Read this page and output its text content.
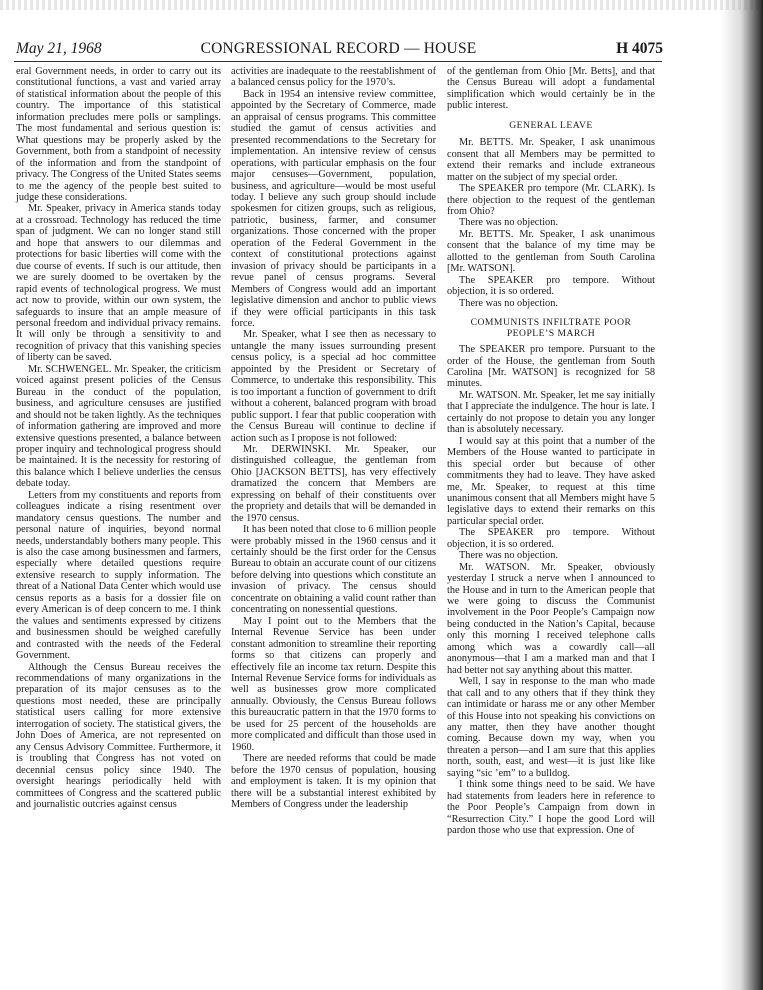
May 21, 1968	CONGRESSIONAL RECORD — HOUSE	H 4075

eral Government needs, in order to carry out its constitutional functions, a vast and varied array of statistical information about the people of this country. The importance of this statistical information precludes mere polls or samplings. The most fundamental and serious question is: What questions may be properly asked by the Government, both from a standpoint of necessity of the information and from the standpoint of privacy. The Congress of the United States seems to me the agency of the people best suited to judge these considerations.

Mr. Speaker, privacy in America stands today at a crossroad. Technology has reduced the time span of judgment. We can no longer stand still and hope that answers to our dilemmas and protections for basic liberties will come with the due course of events. If such is our attitude, then we are surely doomed to be overtaken by the rapid events of technological progress. We must act now to provide, within our own system, the safeguards to insure that an ample measure of personal freedom and individual privacy remains. It will only be through a sensitivity to and recognition of privacy that this vanishing species of liberty can be saved.

Mr. SCHWENGEL. Mr. Speaker, the criticism voiced against present policies of the Census Bureau in the conduct of the population, business, and agriculture censuses are justified and should not be taken lightly. As the techniques of information gathering are improved and more extensive questions presented, a balance between proper inquiry and technological progress should be maintained. It is the necessity for restoring of this balance which I believe underlies the census debate today.

Letters from my constituents and reports from colleagues indicate a rising resentment over mandatory census questions. The number and personal nature of inquiries, beyond normal needs, understandably bothers many people. This is also the case among businessmen and farmers, especially where detailed questions require extensive research to supply information. The threat of a National Data Center which would use census reports as a basis for a dossier file on every American is of deep concern to me. I think the values and sentiments expressed by citizens and businessmen should be weighed carefully and contrasted with the needs of the Federal Government.

Although the Census Bureau receives the recommendations of many organizations in the preparation of its major censuses as to the questions most needed, these are principally statistical users calling for more extensive interrogation of society. The statistical givers, the John Does of America, are not represented on any Census Advisory Committee. Furthermore, it is troubling that Congress has not voted on decennial census policy since 1940. The oversight hearings periodically held with committees of Congress and the scattered public and journalistic outcries against census

activities are inadequate to the reestablishment of a balanced census policy for the 1970’s.

Back in 1954 an intensive review committee, appointed by the Secretary of Commerce, made an appraisal of census programs. This committee studied the gamut of census activities and presented recommendations to the Secretary for implementation. An intensive review of census operations, with particular emphasis on the four major censuses—Government, population, business, and agriculture—would be most useful today. I believe any such group should include spokesmen for citizen groups, such as religious, patriotic, business, farmer, and consumer organizations. Those concerned with the proper operation of the Federal Government in the context of constitutional protections against invasion of privacy should be participants in a revue panel of census programs. Several Members of Congress would add an important legislative dimension and anchor to public views if they were official participants in this task force.

Mr. Speaker, what I see then as necessary to untangle the many issues surrounding present census policy, is a special ad hoc committee appointed by the President or Secretary of Commerce, to undertake this responsibility. This is too important a function of government to drift without a coherent, balanced program with broad public support. I fear that public cooperation with the Census Bureau will continue to decline if action such as I propose is not followed:

Mr. DERWINSKI. Mr. Speaker, our distinguished colleague, the gentleman from Ohio [JACKSON BETTS], has very effectively dramatized the concern that Members are expressing on behalf of their constituents over the propriety and details that will be demanded in the 1970 census.

It has been noted that close to 6 million people were probably missed in the 1960 census and it certainly should be the first order for the Census Bureau to obtain an accurate count of our citizens before delving into questions which constitute an invasion of privacy. The census should concentrate on obtaining a valid count rather than concentrating on nonessential questions.

May I point out to the Members that the Internal Revenue Service has been under constant admonition to streamline their reporting forms so that citizens can properly and effectively file an income tax return. Despite this Internal Revenue Service forms for individuals as well as businesses grow more complicated annually. Obviously, the Census Bureau follows this bureaucratic pattern in that the 1970 forms to be used for 25 percent of the households are more complicated and difficult than those used in 1960.

There are needed reforms that could be made before the 1970 census of population, housing and employment is taken. It is my opinion that there will be a substantial interest exhibited by Members of Congress under the leadership

of the gentleman from Ohio [Mr. Betts], and that the Census Bureau will adopt a fundamental simplification which would certainly be in the public interest.

GENERAL LEAVE

Mr. BETTS. Mr. Speaker, I ask unanimous consent that all Members may be permitted to extend their remarks and include extraneous matter on the subject of my special order.

The SPEAKER pro tempore (Mr. CLARK). Is there objection to the request of the gentleman from Ohio?

There was no objection.

Mr. BETTS. Mr. Speaker, I ask unanimous consent that the balance of my time may be allotted to the gentleman from South Carolina [Mr. WATSON].

The SPEAKER pro tempore. Without objection, it is so ordered.

There was no objection.

COMMUNISTS INFILTRATE POOR
PEOPLE’S MARCH

The SPEAKER pro tempore. Pursuant to the order of the House, the gentleman from South Carolina [Mr. WATSON] is recognized for 58 minutes.

Mr. WATSON. Mr. Speaker, let me say initially that I appreciate the indulgence. The hour is late. I certainly do not propose to detain you any longer than is absolutely necessary.

I would say at this point that a number of the Members of the House wanted to participate in this special order but because of other commitments they had to leave. They have asked me, Mr. Speaker, to request at this time unanimous consent that all Members might have 5 legislative days to extend their remarks on this particular special order.

The SPEAKER pro tempore. Without objection, it is so ordered.

There was no objection.

Mr. WATSON. Mr. Speaker, obviously yesterday I struck a nerve when I announced to the House and in turn to the American people that we were going to discuss the Communist involvement in the Poor People’s Campaign now being conducted in the Nation’s Capital, because only this morning I received telephone calls among which was a cowardly call—all anonymous—that I am a marked man and that I had better not say anything about this matter.

Well, I say in response to the man who made that call and to any others that if they think they can intimidate or harass me or any other Member of this House into not speaking his convictions on any matter, then they have another thought coming. Because down my way, when you threaten a person—and I am sure that this applies north, south, east, and west—it is just like like saying “sic ’em” to a bulldog.

I think some things need to be said. We have had statements from leaders here in reference to the Poor People’s Campaign from down in “Resurrection City.” I hope the good Lord will pardon those who use that expression. One of
